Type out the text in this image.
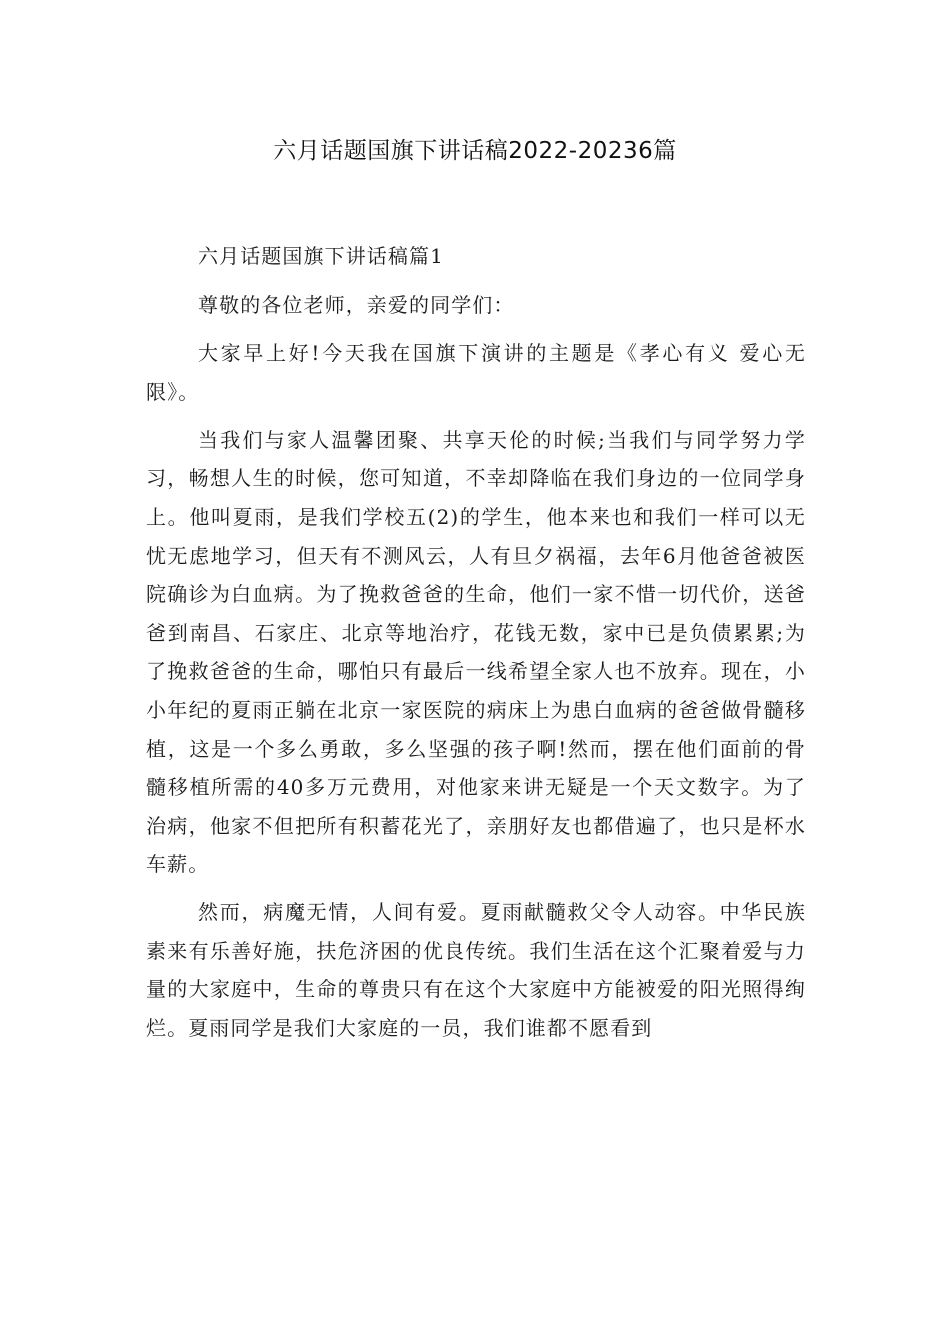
六月话题国旗下讲话稿2022-20236篇

六月话题国旗下讲话稿篇1

尊敬的各位老师，亲爱的同学们：

大家早上好!今天我在国旗下演讲的主题是《孝心有义 爱心无限》。

当我们与家人温馨团聚、共享天伦的时候;当我们与同学努力学习，畅想人生的时候，您可知道，不幸却降临在我们身边的一位同学身上。他叫夏雨，是我们学校五(2)的学生，他本来也和我们一样可以无忧无虑地学习，但天有不测风云，人有旦夕祸福，去年6月他爸爸被医院确诊为白血病。为了挽救爸爸的生命，他们一家不惜一切代价，送爸爸到南昌、石家庄、北京等地治疗，花钱无数，家中已是负债累累;为了挽救爸爸的生命，哪怕只有最后一线希望全家人也不放弃。现在，小小年纪的夏雨正躺在北京一家医院的病床上为患白血病的爸爸做骨髓移植，这是一个多么勇敢，多么坚强的孩子啊!然而，摆在他们面前的骨髓移植所需的40多万元费用，对他家来讲无疑是一个天文数字。为了治病，他家不但把所有积蓄花光了，亲朋好友也都借遍了，也只是杯水车薪。

然而，病魔无情，人间有爱。夏雨献髓救父令人动容。中华民族素来有乐善好施，扶危济困的优良传统。我们生活在这个汇聚着爱与力量的大家庭中，生命的尊贵只有在这个大家庭中方能被爱的阳光照得绚烂。夏雨同学是我们大家庭的一员，我们谁都不愿看到
